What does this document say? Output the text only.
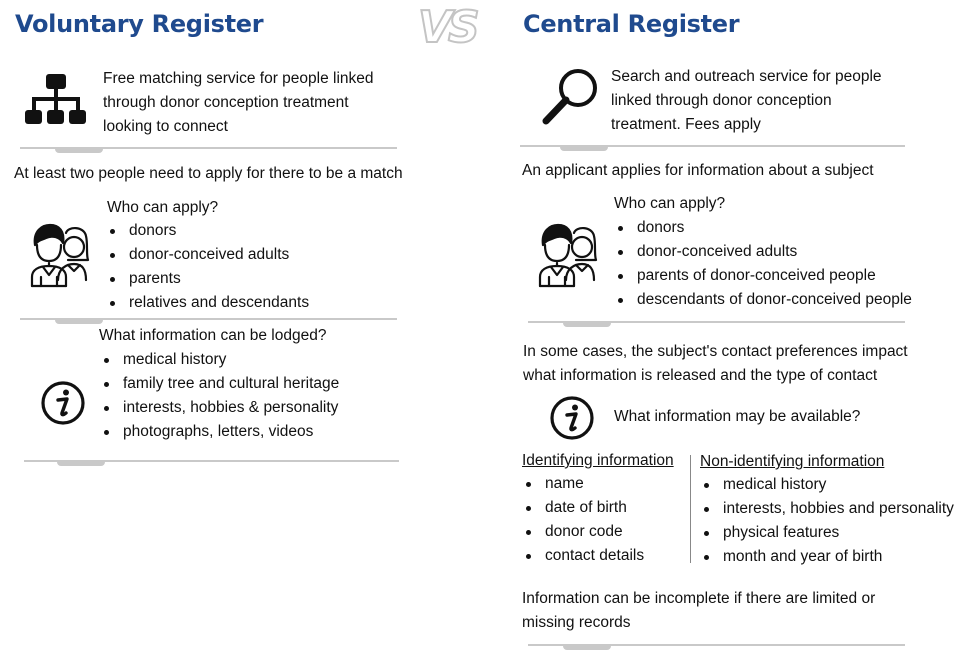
Voluntary Register	VS
Free matching service for people linked
through donor conception treatment
looking to connect
At least two people need to apply for there to be a match
Who can apply?
donors
donor-conceived adults
parents
relatives and descendants
What information can be lodged?
medical history
family tree and cultural heritage
interests, hobbies & personality
photographs, letters, videos
Central Register
Search and outreach service for people
linked through donor conception
treatment. Fees apply
An applicant applies for information about a subject
Who can apply?
donors
donor-conceived adults
parents of donor-conceived people
descendants of donor-conceived people
In some cases, the subject's contact preferences impact
what information is released and the type of contact
What information may be available?
Identifying information
name
date of birth
donor code
contact details
Non-identifying information
medical history
interests, hobbies and personality
physical features
month and year of birth
Information can be incomplete if there are limited or
missing records
